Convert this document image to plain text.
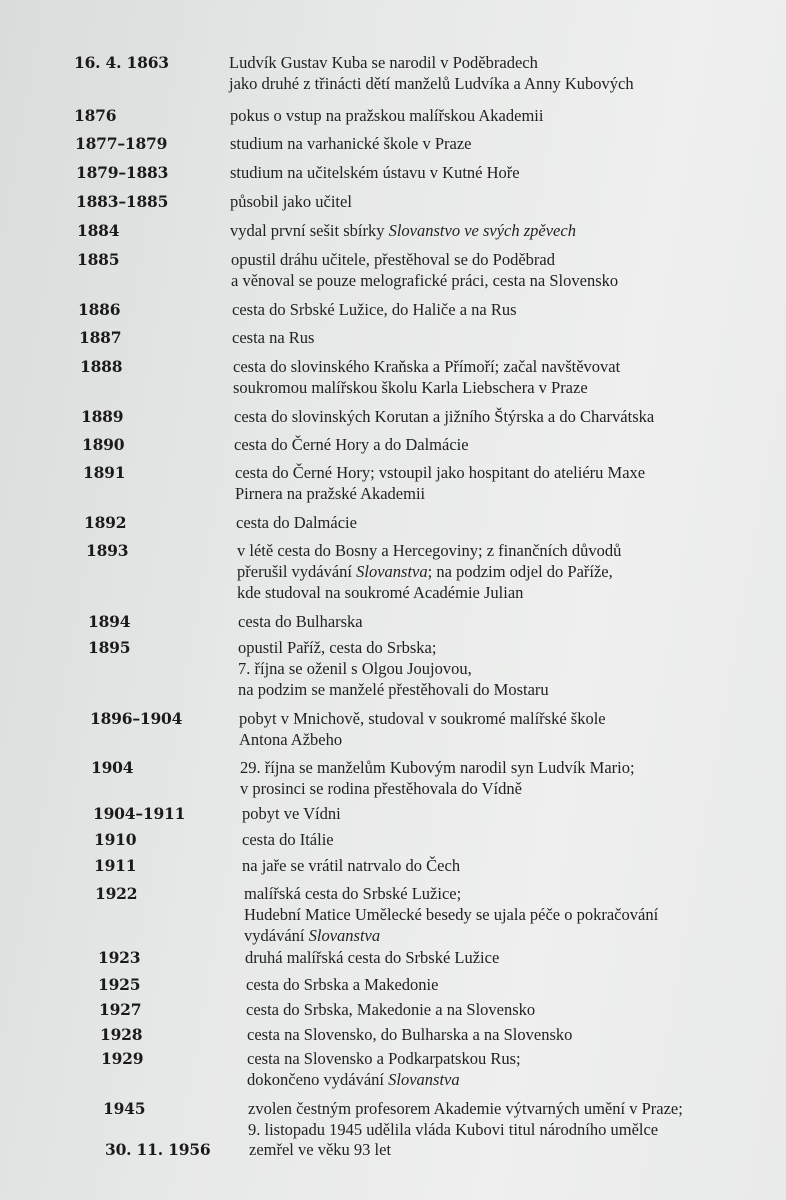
16. 4. 1863	Ludvík Gustav Kuba se narodil v Poděbradech
jako druhé z třinácti dětí manželů Ludvíka a Anny Kubových
1876	pokus o vstup na pražskou malířskou Akademii
1877–1879	studium na varhanické škole v Praze
1879–1883	studium na učitelském ústavu v Kutné Hoře
1883–1885	působil jako učitel
1884	vydal první sešit sbírky Slovanstvo ve svých zpěvech
1885	opustil dráhu učitele, přestěhoval se do Poděbrad
a věnoval se pouze melografické práci, cesta na Slovensko
1886	cesta do Srbské Lužice, do Haliče a na Rus
1887	cesta na Rus
1888	cesta do slovinského Kraňska a Přímoří; začal navštěvovat
soukromou malířskou školu Karla Liebschera v Praze
1889	cesta do slovinských Korutan a jižního Štýrska a do Charvátska
1890	cesta do Černé Hory a do Dalmácie
1891	cesta do Černé Hory; vstoupil jako hospitant do ateliéru Maxe
Pirnera na pražské Akademii
1892	cesta do Dalmácie
1893	v létě cesta do Bosny a Hercegoviny; z finančních důvodů
přerušil vydávání Slovanstva; na podzim odjel do Paříže,
kde studoval na soukromé Académie Julian
1894	cesta do Bulharska
1895	opustil Paříž, cesta do Srbska;
7. října se oženil s Olgou Joujovou,
na podzim se manželé přestěhovali do Mostaru
1896–1904	pobyt v Mnichově, studoval v soukromé malířské škole
Antona Ažbeho
1904	29. října se manželům Kubovým narodil syn Ludvík Mario;
v prosinci se rodina přestěhovala do Vídně
1904–1911	pobyt ve Vídni
1910	cesta do Itálie
1911	na jaře se vrátil natrvalo do Čech
1922	malířská cesta do Srbské Lužice;
Hudební Matice Umělecké besedy se ujala péče o pokračování
vydávání Slovanstva
1923	druhá malířská cesta do Srbské Lužice
1925	cesta do Srbska a Makedonie
1927	cesta do Srbska, Makedonie a na Slovensko
1928	cesta na Slovensko, do Bulharska a na Slovensko
1929	cesta na Slovensko a Podkarpatskou Rus;
dokončeno vydávání Slovanstva
1945	zvolen čestným profesorem Akademie výtvarných umění v Praze;
9. listopadu 1945 udělila vláda Kubovi titul národního umělce
30. 11. 1956 zemřel ve věku 93 let
